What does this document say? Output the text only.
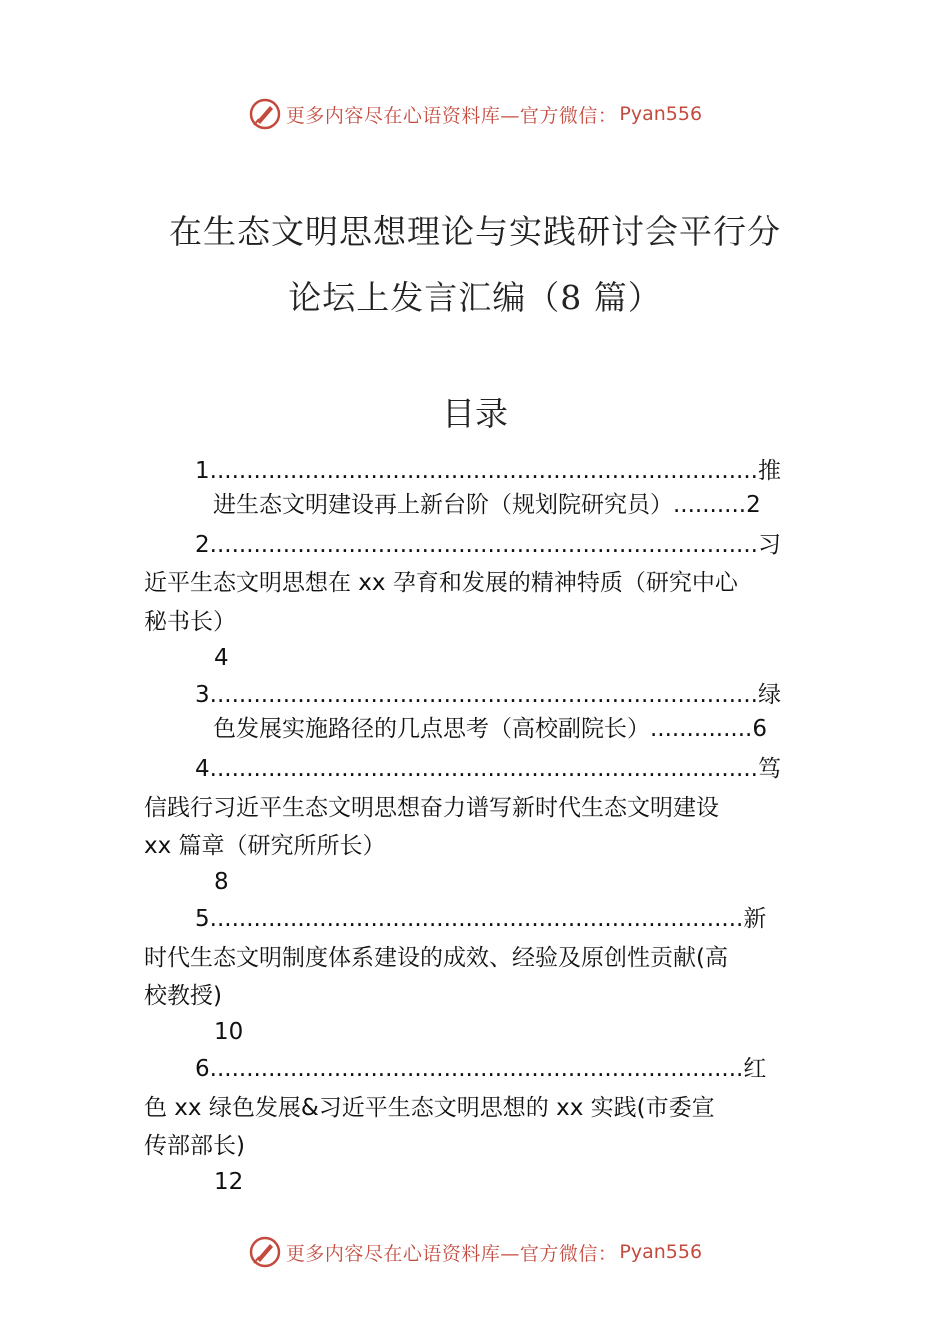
更多内容尽在心语资料库—官方微信： Pyan556
在生态文明思想理论与实践研讨会平行分
论坛上发言汇编（8 篇）
目录
1...........................................................................推
进生态文明建设再上新台阶（规划院研究员）..........2
2...........................................................................习
近平生态文明思想在 xx 孕育和发展的精神特质（研究中心
秘书长）
4
3...........................................................................绿
色发展实施路径的几点思考（高校副院长）..............6
4...........................................................................笃
信践行习近平生态文明思想奋力谱写新时代生态文明建设
xx 篇章（研究所所长）
8
5.........................................................................新
时代生态文明制度体系建设的成效、经验及原创性贡献(高
校教授)
10
6.........................................................................红
色 xx 绿色发展&习近平生态文明思想的 xx 实践(市委宣
传部部长)
12
更多内容尽在心语资料库—官方微信： Pyan556
